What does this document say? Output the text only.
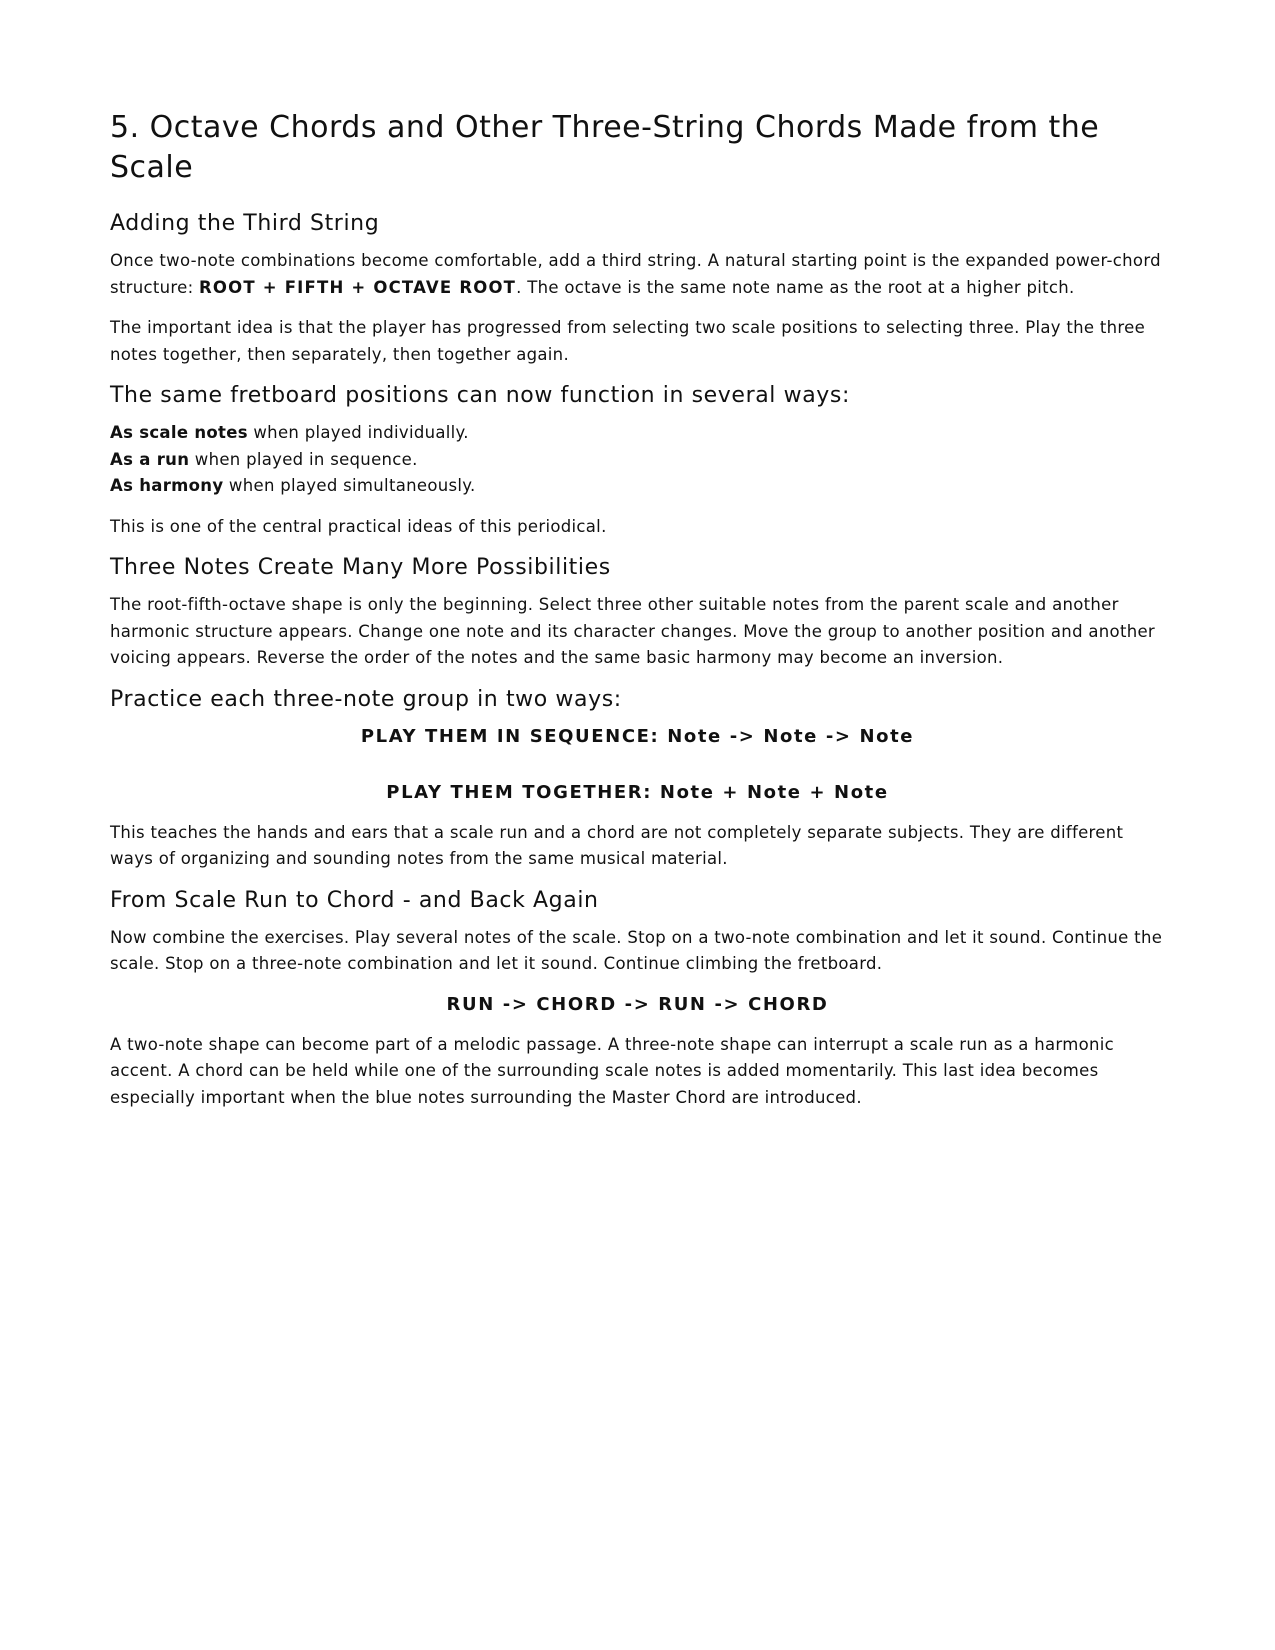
5. Octave Chords and Other Three-String Chords Made from the Scale
Adding the Third String

Once two-note combinations become comfortable, add a third string. A natural starting point is the expanded power-chord structure: ROOT + FIFTH + OCTAVE ROOT. The octave is the same note name as the root at a higher pitch.

The important idea is that the player has progressed from selecting two scale positions to selecting three. Play the three notes together, then separately, then together again.

The same fretboard positions can now function in several ways:
As scale notes when played individually.
As a run when played in sequence.
As harmony when played simultaneously.

This is one of the central practical ideas of this periodical.

Three Notes Create Many More Possibilities

The root-fifth-octave shape is only the beginning. Select three other suitable notes from the parent scale and another harmonic structure appears. Change one note and its character changes. Move the group to another position and another voicing appears. Reverse the order of the notes and the same basic harmony may become an inversion.

Practice each three-note group in two ways:
PLAY THEM IN SEQUENCE: Note -> Note -> Note
PLAY THEM TOGETHER: Note + Note + Note

This teaches the hands and ears that a scale run and a chord are not completely separate subjects. They are different ways of organizing and sounding notes from the same musical material.

From Scale Run to Chord - and Back Again

Now combine the exercises. Play several notes of the scale. Stop on a two-note combination and let it sound. Continue the scale. Stop on a three-note combination and let it sound. Continue climbing the fretboard.

RUN -> CHORD -> RUN -> CHORD

A two-note shape can become part of a melodic passage. A three-note shape can interrupt a scale run as a harmonic accent. A chord can be held while one of the surrounding scale notes is added momentarily. This last idea becomes especially important when the blue notes surrounding the Master Chord are introduced.
